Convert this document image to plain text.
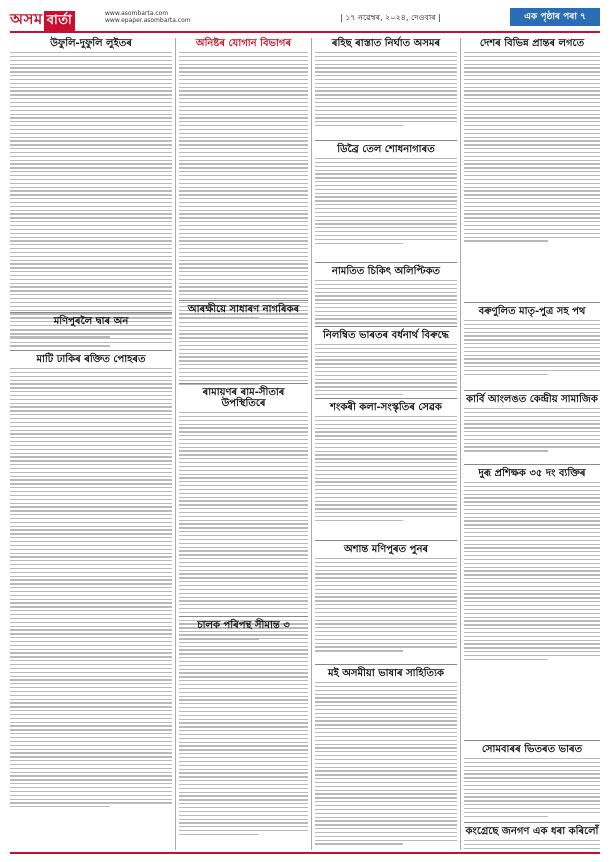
অসম বাৰ্তা	www.asombarta.com
www.epaper.asombarta.com	| ১৭ নৱেম্বৰ, ২০২৪, দেওবাৰ |	এক পৃষ্ঠাৰ পৰা ৭
উফুলি-দুফুলি লুইতৰ
মণিপুৰলৈ দ্বাৰ অন
মাটি ঢাকিৰ ৰক্তিত পোহৰত
অনিষ্টৰ যোগান বিভাগৰ
আৰক্ষীয়ে সাধাৰণ নাগৰিকৰ
ৰামায়ণৰ ৰাম-সীতাৰ উপস্থিতিৰে
চালক পৰিপন্থ সীমান্ত ৩
ৰহিছ ৰাস্তাত নিৰ্ঘাত অসমৰ
ডিব্ৰৈ তেল শোধনাগাৰত
নামতিত চিকিৎ অলিপ্টিকত
নিলম্বিত ভাৰতৰ বৰ্ধনাৰ্থ বিৰুদ্ধে
শংকৰী কলা-সংস্কৃতিৰ সেৱক
অশান্ত মণিপুৰত পুনৰ
মই অসমীয়া ভাষাৰ সাহিত্যিক
দেশৰ বিভিন্ন প্ৰান্তৰ লগতে
বৰুণুলিত মাতৃ-পুত্ৰ সহ পথ
কাৰ্বি আংলঙত কেন্দ্ৰীয় সামাজিক
দুৰূ প্ৰশিক্ষক ৩৫ দং ব্যক্তিৰ
সোমবাৰৰ ভিতৰত ভাৰত
কংগ্ৰেছে জনগণ এক ধৰা কৰিলোঁ
